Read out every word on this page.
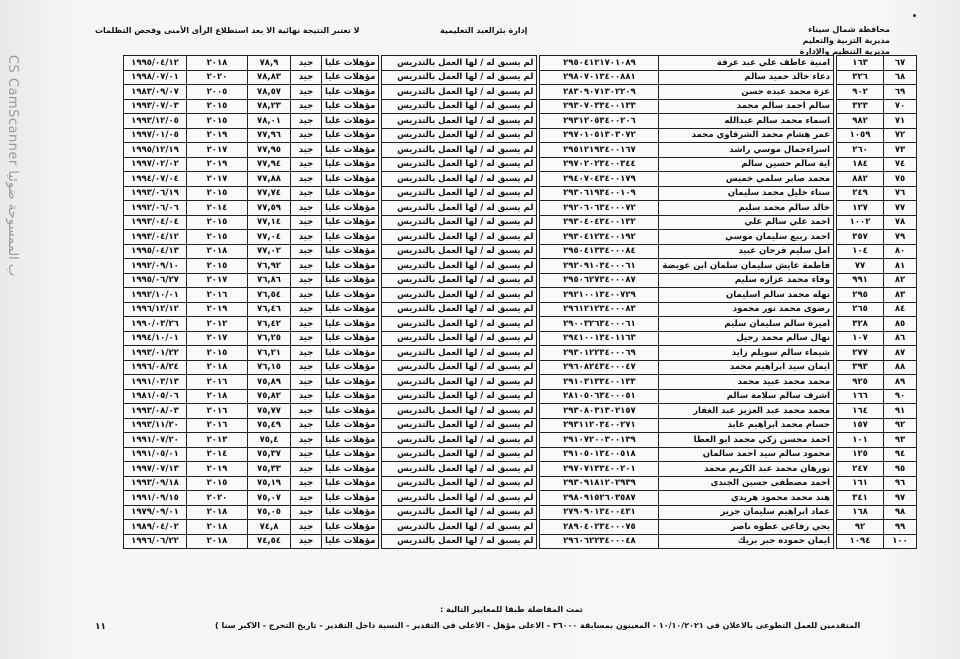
CS CamScanner ب الممسوحة ضوئيا
محافظة شمال سيناء
مديرية التربية والتعليم
مديرية التنظيم والإدارة
إدارة بئرالعبد التعليمية
لا تعتبر النتيجة نهائية الا بعد استطلاع الرأى الأمنى وفحص التظلمات
٦٧	١٦٣		امنية عاطف علي عبد عرقة	٢٩٥٠٤١٢١٧٠١٠٨٩		لم يسبق له / لها العمل بالتدريس		مؤهلات عليا	جيد	٧٨,٩	٢٠١٨	١٩٩٥/٠٤/١٢
٦٨	٣٢٦		دعاء خالد حميد سالم	٢٩٨٠٧٠١٣٤٠٠٨٨١		لم يسبق له / لها العمل بالتدريس		مؤهلات عليا	جيد	٧٨,٨٣	٢٠٢٠	١٩٩٨/٠٧/٠١
٦٩	٩٠٢		عزة محمد عبده حسن	٢٨٣٠٩٠٧١٣٠٢٢٠٩		لم يسبق له / لها العمل بالتدريس		مؤهلات عليا	جيد	٧٨,٥٧	٢٠٠٥	١٩٨٣/٠٩/٠٧
٧٠	٣٢٣		سالم احمد سالم محمد	٢٩٣٠٧٠٣٣٤٠٠١٣٣		لم يسبق له / لها العمل بالتدريس		مؤهلات عليا	جيد	٧٨,٢٣	٢٠١٥	١٩٩٣/٠٧/٠٣
٧١	٩٨٢		اسماء محمد سالم عبدالله	٢٩٣١٢٠٥٣٤٠٠٢٠٦		لم يسبق له / لها العمل بالتدريس		مؤهلات عليا	جيد	٧٨,٠١	٢٠١٥	١٩٩٣/١٢/٠٥
٧٢	١٠٥٩		عمر هشام محمد الشرقاوي محمد	٢٩٧٠١٠٥١٣٠٣٠٧٢		لم يسبق له / لها العمل بالتدريس		مؤهلات عليا	جيد	٧٧,٩٦	٢٠١٩	١٩٩٧/٠١/٠٥
٧٣	٢٦٠		اسراءجمال موسي راشد	٢٩٥١٢١٩٣٤٠٠١٦٧		لم يسبق له / لها العمل بالتدريس		مؤهلات عليا	جيد	٧٧,٩٥	٢٠١٧	١٩٩٥/١٢/١٩
٧٤	١٨٤		اية سالم حسين سالم	٢٩٧٠٢٠٢٣٤٠٠٣٤٤		لم يسبق له / لها العمل بالتدريس		مؤهلات عليا	جيد	٧٧,٩٤	٢٠١٩	١٩٩٧/٠٢/٠٢
٧٥	٨٨٢		محمد صابر سلمي خميس	٢٩٤٠٧٠٤٣٤٠٠١٧٩		لم يسبق له / لها العمل بالتدريس		مؤهلات عليا	جيد	٧٧,٨٨	٢٠١٧	١٩٩٤/٠٧/٠٤
٧٦	٢٤٩		سناء خليل محمد سليمان	٢٩٣٠٦١٩٣٤٠٠١٠٩		لم يسبق له / لها العمل بالتدريس		مؤهلات عليا	جيد	٧٧,٧٤	٢٠١٥	١٩٩٣/٠٦/١٩
٧٧	١٢٧		خالد سالم محمد سليم	٢٩٢٠٦٠٦٣٤٠٠٠٧٢		لم يسبق له / لها العمل بالتدريس		مؤهلات عليا	جيد	٧٧,٥٩	٢٠١٤	١٩٩٢/٠٦/٠٦
٧٨	١٠٠٢		احمد علي سالم علي	٢٩٣٠٤٠٤٣٤٠٠١٣٢		لم يسبق له / لها العمل بالتدريس		مؤهلات عليا	جيد	٧٧,١٤	٢٠١٥	١٩٩٣/٠٤/٠٤
٧٩	٣٥٧		احمد ربيع سليمان موسي	٢٩٣٠٤١٢٣٤٠٠١٩٢		لم يسبق له / لها العمل بالتدريس		مؤهلات عليا	جيد	٧٧,٠٤	٢٠١٥	١٩٩٣/٠٤/١٢
٨٠	١٠٤		امل سليم فرحان عبيد	٢٩٥٠٤١٣٣٤٠٠٠٨٤		لم يسبق له / لها العمل بالتدريس		مؤهلات عليا	جيد	٧٧,٠٢	٢٠١٨	١٩٩٥/٠٤/١٣
٨١	٧٧		فاطمة عايش سليمان سلمان ابن عويضة	٢٩٢٠٩١٠٣٤٠٠٠٦١		لم يسبق له / لها العمل بالتدريس		مؤهلات عليا	جيد	٧٦,٩٢	٢٠١٥	١٩٩٢/٠٩/١٠
٨٢	٩٩١		وفاء محمد عزازه سليم	٢٩٥٠٦٢٧٣٤٠٠٠٨٧		لم يسبق له / لها العمل بالتدريس		مؤهلات عليا	جيد	٧٦,٨٦	٢٠١٧	١٩٩٥/٠٦/٢٧
٨٣	٢٩٥		نهله محمد سالم اسليمان	٢٩٢١٠٠١٣٤٠٠٧٢٩		لم يسبق له / لها العمل بالتدريس		مؤهلات عليا	جيد	٧٦,٥٤	٢٠١٦	١٩٩٢/١٠/٠١
٨٤	٢٦٥		رضوى محمد نور محمود	٢٩٦١٢١٢٣٤٠٠٠٨٣		لم يسبق له / لها العمل بالتدريس		مؤهلات عليا	جيد	٧٦,٤٦	٢٠١٩	١٩٩٦/١٢/١٢
٨٥	٣٢٨		اميرة سالم سليمان سليم	٢٩٠٠٣٢٦٣٤٠٠٠٦١		لم يسبق له / لها العمل بالتدريس		مؤهلات عليا	جيد	٧٦,٤٢	٢٠١٢	١٩٩٠/٠٣/٢٦
٨٦	١٠٧		نهال سالم محمد رحيل	٢٩٤١٠٠١٣٤٠١١٦٣		لم يسبق له / لها العمل بالتدريس		مؤهلات عليا	جيد	٧٦,٢٥	٢٠١٧	١٩٩٤/١٠/٠١
٨٧	٢٧٧		شيماء سالم سويلم زايد	٢٩٣٠١٢٢٣٤٠٠٠٦٩		لم يسبق له / لها العمل بالتدريس		مؤهلات عليا	جيد	٧٦,٢١	٢٠١٥	١٩٩٣/٠١/٢٢
٨٨	٣٩٣		ايمان سيد ابراهيم محمد	٢٩٦٠٨٢٤٣٤٠٠٠٤٧		لم يسبق له / لها العمل بالتدريس		مؤهلات عليا	جيد	٧٦,١٥	٢٠١٨	١٩٩٦/٠٨/٢٤
٨٩	٩٢٥		محمد محمد عبيد محمد	٢٩١٠٣١٣٣٤٠٠١٣٣		لم يسبق له / لها العمل بالتدريس		مؤهلات عليا	جيد	٧٥,٨٩	٢٠١٦	١٩٩١/٠٣/١٣
٩٠	١٦٦		اشرف سالم سلامة سالم	٢٨١٠٥٠٦٣٤٠٠٠٥١		لم يسبق له / لها العمل بالتدريس		مؤهلات عليا	جيد	٧٥,٨٢	٢٠١٨	١٩٨١/٠٥/٠٦
٩١	١٦٤		محمد محمد عبد العزيز عبد الغفار	٢٩٣٠٨٠٣١٣٠٢١٥٧		لم يسبق له / لها العمل بالتدريس		مؤهلات عليا	جيد	٧٥,٧٧	٢٠١٦	١٩٩٣/٠٨/٠٣
٩٢	١٥٧		حسام محمد ابراهيم عابد	٢٩٣١١٢٠٣٤٠٠٢٧١		لم يسبق له / لها العمل بالتدريس		مؤهلات عليا	جيد	٧٥,٤٩	٢٠١٦	١٩٩٣/١١/٢٠
٩٣	١٠١		احمد محسن زكي محمد ابو العطا	٢٩١٠٧٢٠٠٣٠٠١٣٩		لم يسبق له / لها العمل بالتدريس		مؤهلات عليا	جيد	٧٥,٤	٢٠١٣	١٩٩١/٠٧/٢٠
٩٤	١٢٥		محمود سالم سيد احمد سالمان	٢٩١٠٥٠١٣٤٠٠٥١٨		لم يسبق له / لها العمل بالتدريس		مؤهلات عليا	جيد	٧٥,٣٧	٢٠١٤	١٩٩١/٠٥/٠١
٩٥	٢٤٧		نورهان محمد عبد الكريم محمد	٢٩٧٠٧١٣٣٤٠٠٢٠١		لم يسبق له / لها العمل بالتدريس		مؤهلات عليا	جيد	٧٥,٣٣	٢٠١٩	١٩٩٧/٠٧/١٣
٩٦	١٦١		احمد مصطفى حسين الجندى	٢٩٣٠٩١٨١٢٠٢٩٣٩		لم يسبق له / لها العمل بالتدريس		مؤهلات عليا	جيد	٧٥,١٩	٢٠١٥	١٩٩٣/٠٩/١٨
٩٧	٣٤١		هند محمد محمود هريدي	٢٩٨٠٩١٥٢٦٠٣٥٨٧		لم يسبق له / لها العمل بالتدريس		مؤهلات عليا	جيد	٧٥,٠٧	٢٠٢٠	١٩٩١/٠٩/١٥
٩٨	١٦٨		عماد ابراهيم سليمان جرير	٢٧٩٠٩٠١٣٤٠٠٤٣١		لم يسبق له / لها العمل بالتدريس		مؤهلات عليا	جيد	٧٥,٠٥	٢٠١٨	١٩٧٩/٠٩/٠١
٩٩	٩٢		يحي رفاعي عطوه ناصر	٢٨٩٠٤٠٢٣٤٠٠٠٧٥		لم يسبق له / لها العمل بالتدريس		مؤهلات عليا	جيد	٧٤,٨	٢٠١٨	١٩٨٩/٠٤/٠٢
١٠٠	١٠٩٤		ايمان حموده جبر بريك	٢٩٦٠٦٢٢٣٤٠٠٠٤٨		لم يسبق له / لها العمل بالتدريس		مؤهلات عليا	جيد	٧٤,٥٤	٢٠١٨	١٩٩٦/٠٦/٢٢
تمت المفاضلة طبقا للمعايير التالية :
المتقدمين للعمل التطوعى بالاعلان فى ١٠/١٠/٢٠٢١ - المعينون بمسابقة ٣٦٠٠٠ - الاعلى مؤهل - الاعلى فى التقدير - النسبة داخل التقدير - تاريخ التخرج - الاكبر سنا )
١١
